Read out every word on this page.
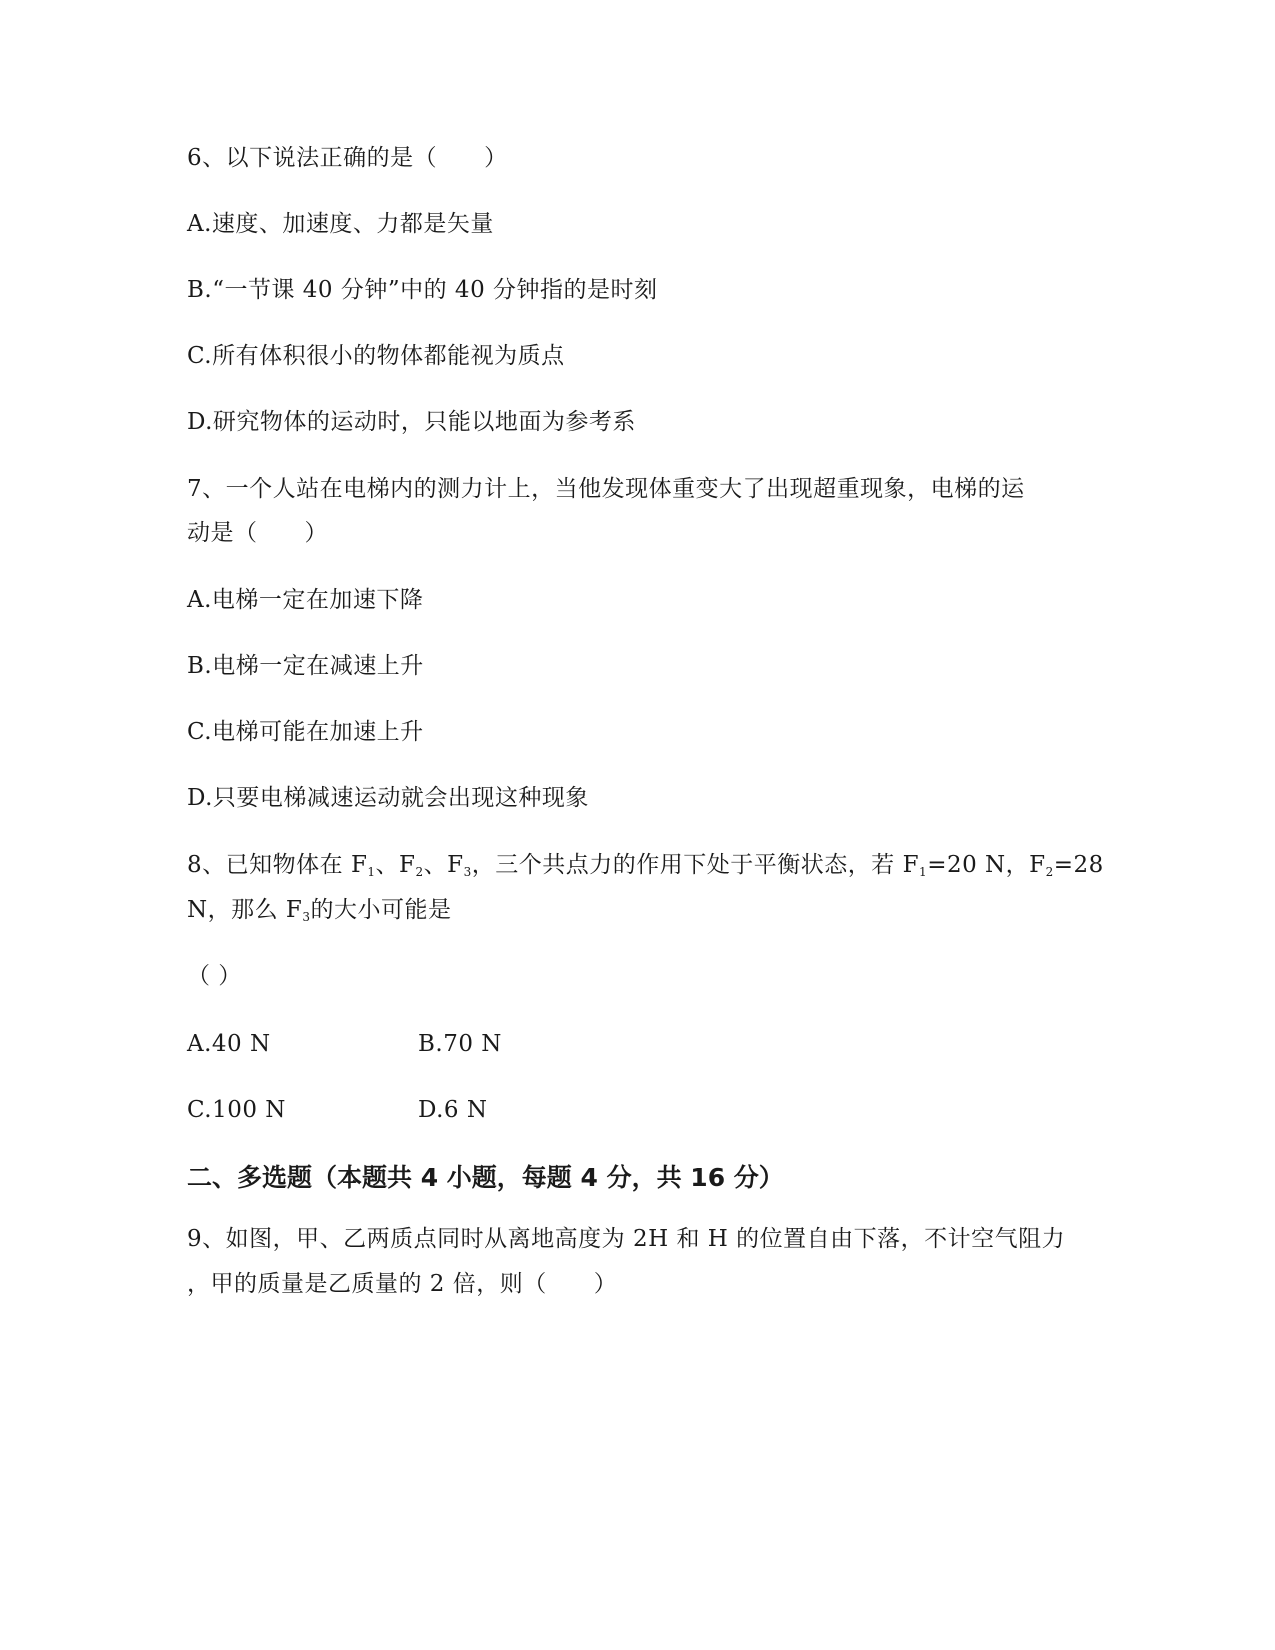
6、以下说法正确的是（　　）
A.速度、加速度、力都是矢量
B.“一节课 40 分钟”中的 40 分钟指的是时刻
C.所有体积很小的物体都能视为质点
D.研究物体的运动时，只能以地面为参考系
7、一个人站在电梯内的测力计上，当他发现体重变大了出现超重现象，电梯的运
动是（　　）
A.电梯一定在加速下降
B.电梯一定在减速上升
C.电梯可能在加速上升
D.只要电梯减速运动就会出现这种现象
8、已知物体在 $F_1$、$F_2$、$F_3$，三个共点力的作用下处于平衡状态，若 $F_1=20$ N，$F_2=28$
N，那么 $F_3$的大小可能是
（ ）
A.40 N	B.70 N
C.100 N	D.6 N
二、多选题（本题共 4 小题，每题 4 分，共 16 分）
9、如图，甲、乙两质点同时从离地高度为 2H 和 H 的位置自由下落，不计空气阻力
，甲的质量是乙质量的 2 倍，则（　　）
